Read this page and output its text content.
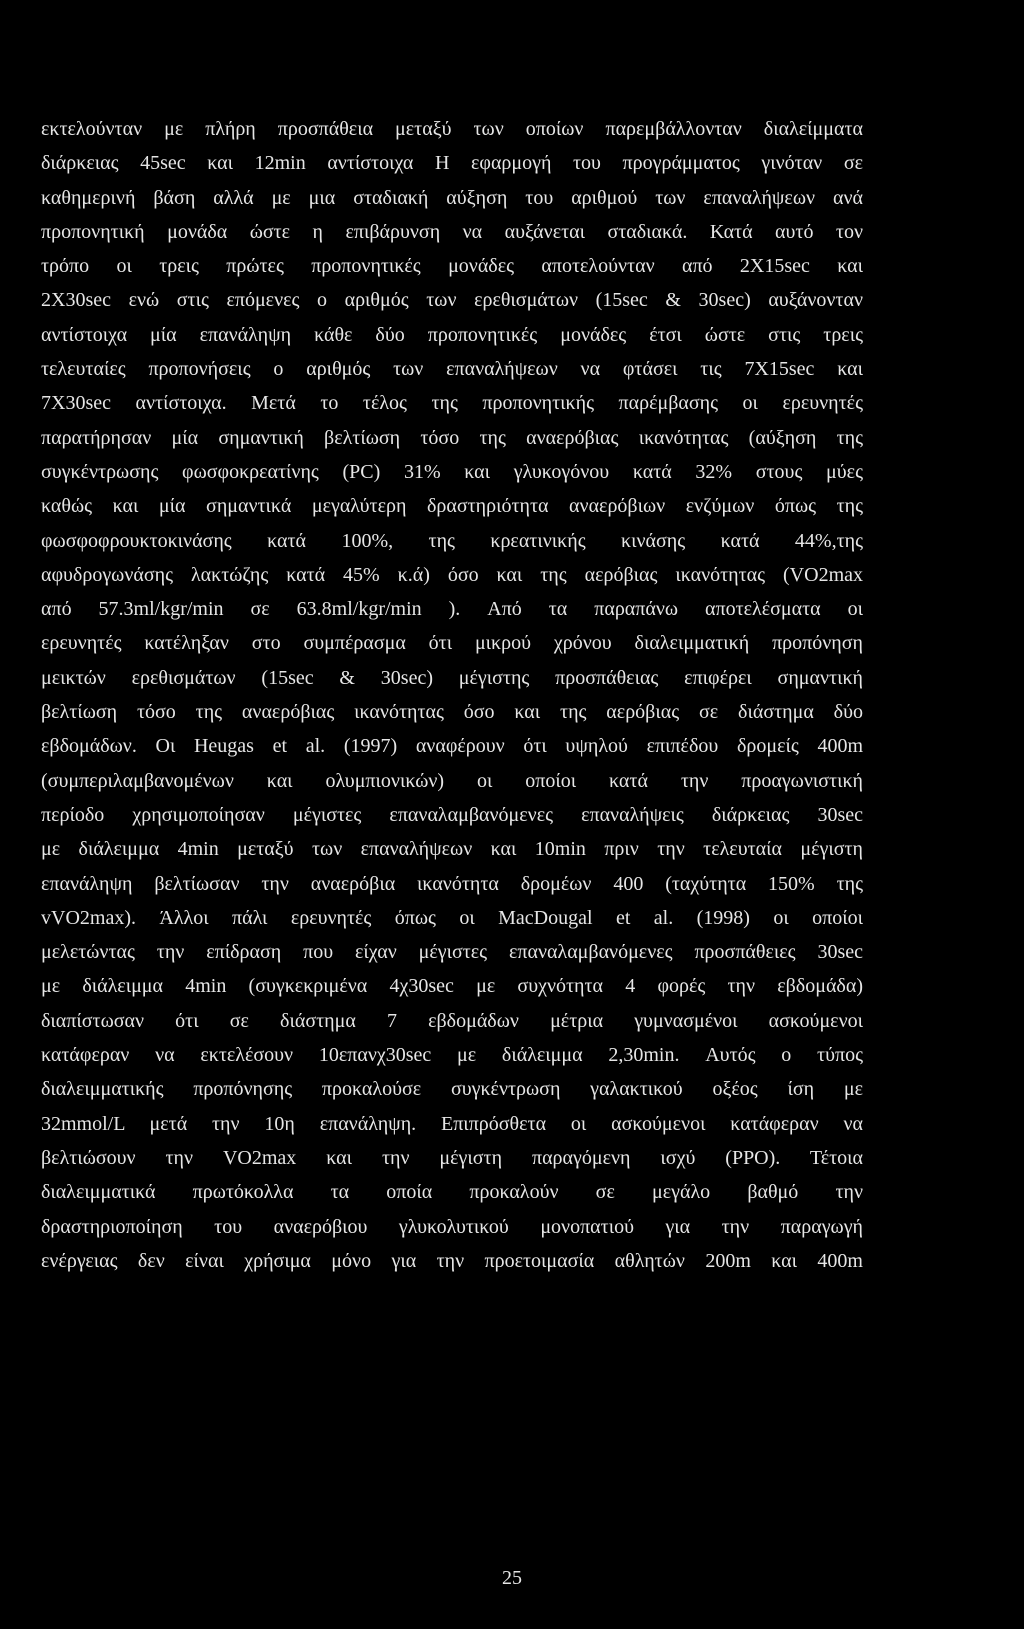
εκτελούνταν με πλήρη προσπάθεια μεταξύ των οποίων παρεμβάλλονταν διαλείμματα
διάρκειας 45sec και 12min αντίστοιχα Η εφαρμογή του προγράμματος γινόταν σε
καθημερινή βάση αλλά με μια σταδιακή αύξηση του αριθμού των επαναλήψεων ανά
προπονητική μονάδα ώστε η επιβάρυνση να αυξάνεται σταδιακά. Κατά αυτό τον
τρόπο οι τρεις πρώτες προπονητικές μονάδες αποτελούνταν από 2X15sec και
2X30sec ενώ στις επόμενες ο αριθμός των ερεθισμάτων (15sec & 30sec) αυξάνονταν
αντίστοιχα μία επανάληψη κάθε δύο προπονητικές μονάδες έτσι ώστε στις τρεις
τελευταίες προπονήσεις ο αριθμός των επαναλήψεων να φτάσει τις 7X15sec και
7X30sec αντίστοιχα. Μετά το τέλος της προπονητικής παρέμβασης οι ερευνητές
παρατήρησαν μία σημαντική βελτίωση τόσο της αναερόβιας ικανότητας (αύξηση της
συγκέντρωσης φωσφοκρεατίνης (PC) 31% και γλυκογόνου κατά 32% στους μύες
καθώς και μία σημαντικά μεγαλύτερη δραστηριότητα αναερόβιων ενζύμων όπως της
φωσφοφρουκτοκινάσης κατά 100%, της κρεατινικής κινάσης κατά 44%,της
αφυδρογωνάσης λακτώζης κατά 45% κ.ά) όσο και της αερόβιας ικανότητας (VO2max
από 57.3ml/kgr/min σε 63.8ml/kgr/min ). Από τα παραπάνω αποτελέσματα οι
ερευνητές κατέληξαν στο συμπέρασμα ότι μικρού χρόνου διαλειμματική προπόνηση
μεικτών ερεθισμάτων (15sec & 30sec) μέγιστης προσπάθειας επιφέρει σημαντική
βελτίωση τόσο της αναερόβιας ικανότητας όσο και της αερόβιας σε διάστημα δύο
εβδομάδων. Οι Heugas et al. (1997) αναφέρουν ότι υψηλού επιπέδου δρομείς 400m
(συμπεριλαμβανομένων και ολυμπιονικών) οι οποίοι κατά την προαγωνιστική
περίοδο χρησιμοποίησαν μέγιστες επαναλαμβανόμενες επαναλήψεις διάρκειας 30sec
με διάλειμμα 4min μεταξύ των επαναλήψεων και 10min πριν την τελευταία μέγιστη
επανάληψη βελτίωσαν την αναερόβια ικανότητα δρομέων 400 (ταχύτητα 150% της
vVO2max). Άλλοι πάλι ερευνητές όπως οι MacDougal et al. (1998) οι οποίοι
μελετώντας την επίδραση που είχαν μέγιστες επαναλαμβανόμενες προσπάθειες 30sec
με διάλειμμα 4min (συγκεκριμένα 4χ30sec με συχνότητα 4 φορές την εβδομάδα)
διαπίστωσαν ότι σε διάστημα 7 εβδομάδων μέτρια γυμνασμένοι ασκούμενοι
κατάφεραν να εκτελέσουν 10επανχ30sec με διάλειμμα 2,30min. Αυτός ο τύπος
διαλειμματικής προπόνησης προκαλούσε συγκέντρωση γαλακτικού οξέος ίση με
32mmol/L μετά την 10η επανάληψη. Επιπρόσθετα οι ασκούμενοι κατάφεραν να
βελτιώσουν την VO2max και την μέγιστη παραγόμενη ισχύ (PPO). Τέτοια
διαλειμματικά πρωτόκολλα τα οποία προκαλούν σε μεγάλο βαθμό την
δραστηριοποίηση του αναερόβιου γλυκολυτικού μονοπατιού για την παραγωγή
ενέργειας δεν είναι χρήσιμα μόνο για την προετοιμασία αθλητών 200m και 400m
25
